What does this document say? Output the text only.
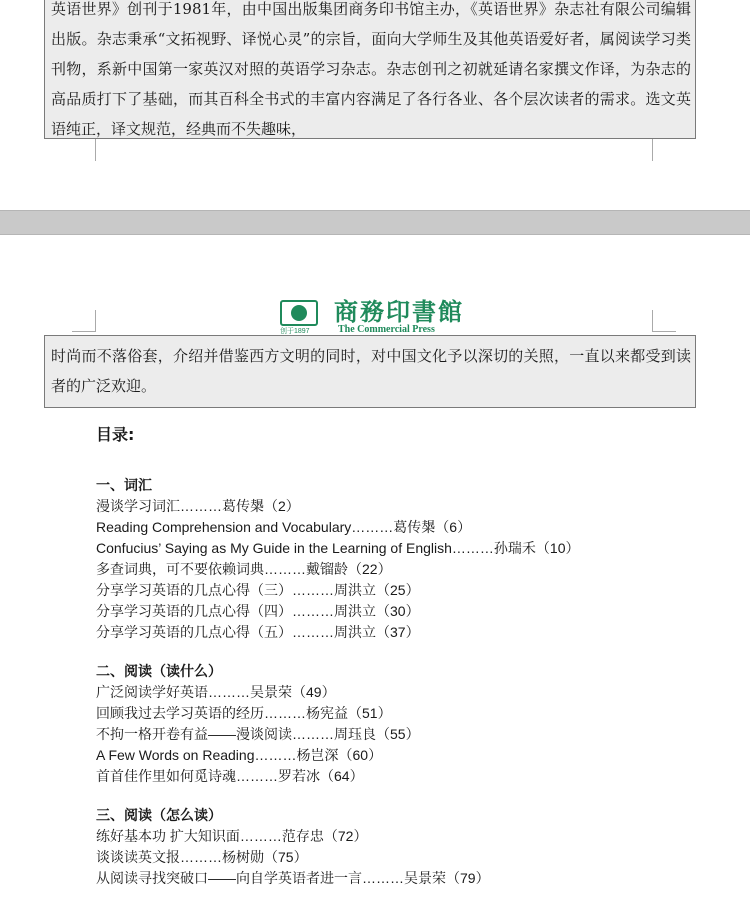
英语世界》创刊于1981年，由中国出版集团商务印书馆主办，《英语世界》杂志社有限公司编辑出版。杂志秉承“文拓视野、译悦心灵”的宗旨，面向大学师生及其他英语爱好者，属阅读学习类刊物，系新中国第一家英汉对照的英语学习杂志。杂志创刊之初就延请名家撰文作译，为杂志的高品质打下了基础，而其百科全书式的丰富内容满足了各行各业、各个层次读者的需求。选文英语纯正，译文规范，经典而不失趣味，

创于1897
商務印書館
The Commercial Press

时尚而不落俗套，介绍并借鉴西方文明的同时，对中国文化予以深切的关照，一直以来都受到读者的广泛欢迎。

目录:
一、词汇
漫谈学习词汇………葛传槼（2）
Reading Comprehension and Vocabulary………葛传槼（6）
Confucius’ Saying as My Guide in the Learning of English………孙瑞禾（10）
多查词典，可不要依赖词典………戴镏龄（22）
分享学习英语的几点心得（三）………周洪立（25）
分享学习英语的几点心得（四）………周洪立（30）
分享学习英语的几点心得（五）………周洪立（37）
二、阅读（读什么）
广泛阅读学好英语………吴景荣（49）
回顾我过去学习英语的经历………杨宪益（51）
不拘一格开卷有益——漫谈阅读………周珏良（55）
A Few Words on Reading………杨岂深（60）
首首佳作里如何觅诗魂………罗若冰（64）
三、阅读（怎么读）
练好基本功 扩大知识面………范存忠（72）
谈谈读英文报………杨树勋（75）
从阅读寻找突破口——向自学英语者进一言………吴景荣（79）
